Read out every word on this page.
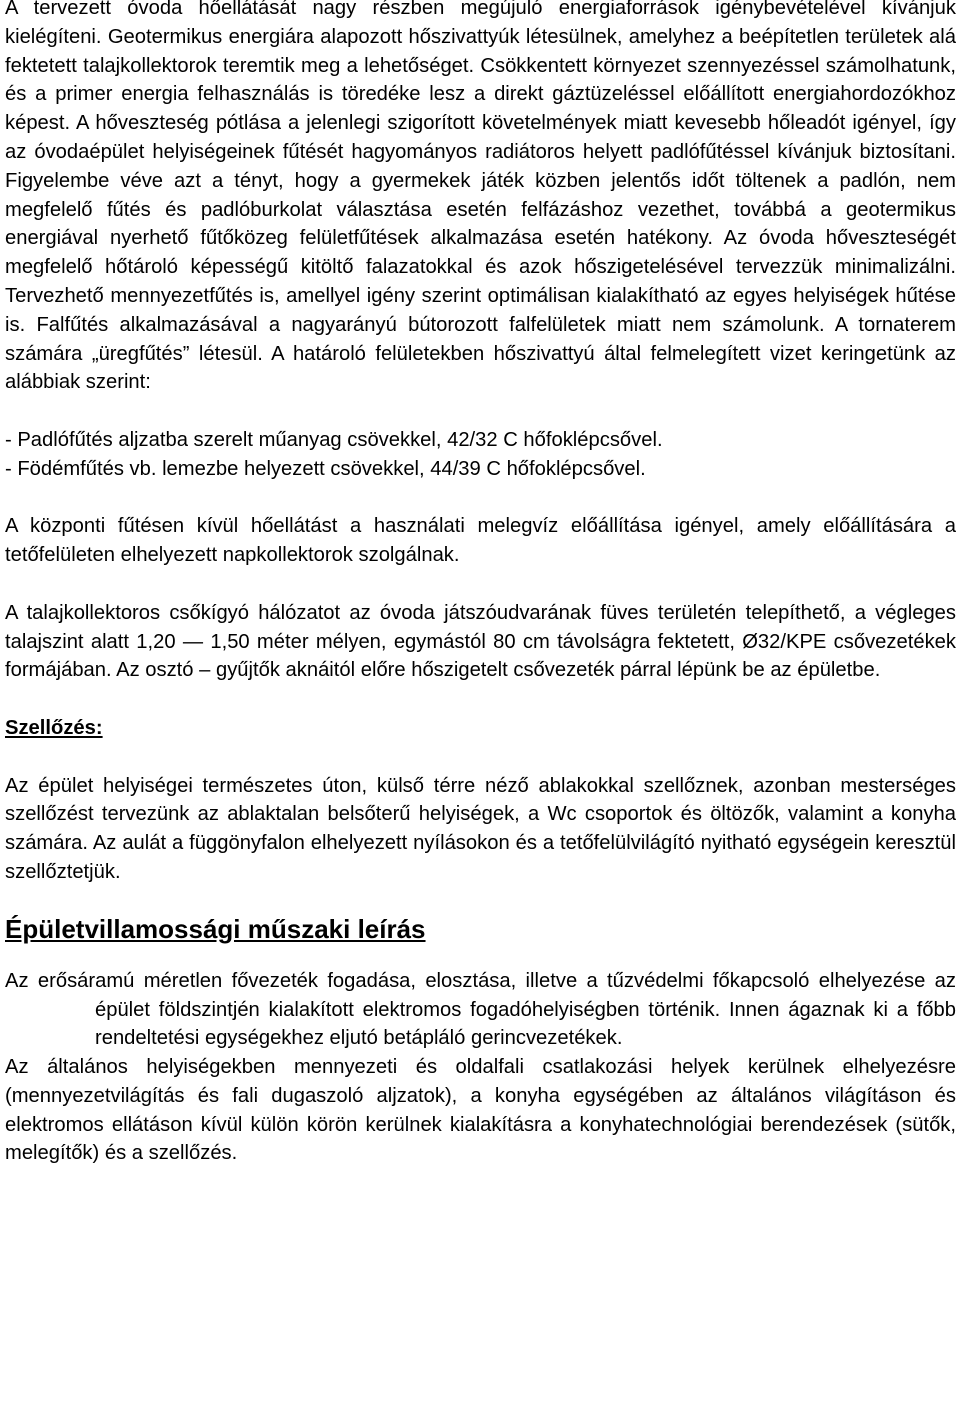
A tervezett óvoda hőellátását nagy részben megújuló energiaforrások igénybevételével kívánjuk kielégíteni. Geotermikus energiára alapozott hőszivattyúk létesülnek, amelyhez a beépítetlen területek alá fektetett talajkollektorok teremtik meg a lehetőséget. Csökkentett környezet szennyezéssel számolhatunk, és a primer energia felhasználás is töredéke lesz a direkt gáztüzeléssel előállított energiahordozókhoz képest. A hőveszteség pótlása a jelenlegi szigorított követelmények miatt kevesebb hőleadót igényel, így az óvodaépület helyiségeinek fűtését hagyományos radiátoros helyett padlófűtéssel kívánjuk biztosítani. Figyelembe véve azt a tényt, hogy a gyermekek játék közben jelentős időt töltenek a padlón, nem megfelelő fűtés és padlóburkolat választása esetén felfázáshoz vezethet, továbbá a geotermikus energiával nyerhető fűtőközeg felületfűtések alkalmazása esetén hatékony. Az óvoda hőveszteségét megfelelő hőtároló képességű kitöltő falazatokkal és azok hőszigetelésével tervezzük minimalizálni. Tervezhető mennyezetfűtés is, amellyel igény szerint optimálisan kialakítható az egyes helyiségek hűtése is. Falfűtés alkalmazásával a nagyarányú bútorozott falfelületek miatt nem számolunk. A tornaterem számára „üregfűtés” létesül. A határoló felületekben hőszivattyú által felmelegített vizet keringetünk az alábbiak szerint:

- Padlófűtés aljzatba szerelt műanyag csövekkel, 42/32 C hőfoklépcsővel.

- Födémfűtés vb. lemezbe helyezett csövekkel, 44/39 C hőfoklépcsővel.

A központi fűtésen kívül hőellátást a használati melegvíz előállítása igényel, amely előállítására a tetőfelületen elhelyezett napkollektorok szolgálnak.

A talajkollektoros csőkígyó hálózatot az óvoda játszóudvarának füves területén telepíthető, a végleges talajszint alatt 1,20 — 1,50 méter mélyen, egymástól 80 cm távolságra fektetett, Ø32/KPE csővezetékek formájában. Az osztó – gyűjtők aknáitól előre hőszigetelt csővezeték párral lépünk be az épületbe.

Szellőzés:

Az épület helyiségei természetes úton, külső térre néző ablakokkal szellőznek, azonban mesterséges szellőzést tervezünk az ablaktalan belsőterű helyiségek, a Wc csoportok és öltözők, valamint a konyha számára. Az aulát a függönyfalon elhelyezett nyílásokon és a tetőfelülvilágító nyitható egységein keresztül szellőztetjük.

Épületvillamossági műszaki leírás

Az erősáramú méretlen fővezeték fogadása, elosztása, illetve a tűzvédelmi főkapcsoló elhelyezése az épület földszintjén kialakított elektromos fogadóhelyiségben történik. Innen ágaznak ki a főbb rendeltetési egységekhez eljutó betápláló gerincvezetékek.

Az általános helyiségekben mennyezeti és oldalfali csatlakozási helyek kerülnek elhelyezésre (mennyezetvilágítás és fali dugaszoló aljzatok), a konyha egységében az általános világításon és elektromos ellátáson kívül külön körön kerülnek kialakításra a konyhatechnológiai berendezések (sütők, melegítők) és a szellőzés.
